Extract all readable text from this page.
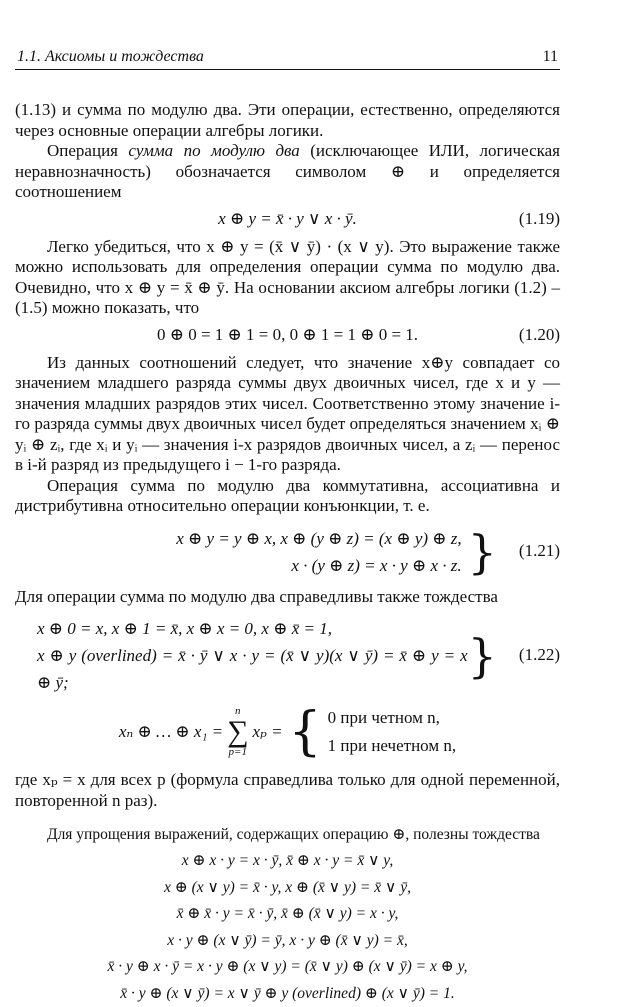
1.1. Аксиомы и тождества	11

(1.13) и сумма по модулю два. Эти операции, естественно, определяются через основные операции алгебры логики.

Операция сумма по модулю два (исключающее ИЛИ, логическая неравнозначность) обозначается символом ⊕ и определяется соотношением

x ⊕ y = x̄ · y ∨ x · ȳ.	(1.19)

Легко убедиться, что x ⊕ y = (x̄ ∨ ȳ) · (x ∨ y). Это выражение также можно использовать для определения операции сумма по модулю два. Очевидно, что x ⊕ y = x̄ ⊕ ȳ. На основании аксиом алгебры логики (1.2) – (1.5) можно показать, что

0 ⊕ 0 = 1 ⊕ 1 = 0, 0 ⊕ 1 = 1 ⊕ 0 = 1.	(1.20)

Из данных соотношений следует, что значение x⊕y совпадает со значением младшего разряда суммы двух двоичных чисел, где x и y — значения младших разрядов этих чисел. Соответственно этому значение i-го разряда суммы двух двоичных чисел будет определяться значением xᵢ ⊕ yᵢ ⊕ zᵢ, где xᵢ и yᵢ — значения i-х разрядов двоичных чисел, а zᵢ — перенос в i-й разряд из предыдущего i − 1-го разряда.

Операция сумма по модулю два коммутативна, ассоциативна и дистрибутивна относительно операции конъюнкции, т. е.

x ⊕ y = y ⊕ x, x ⊕ (y ⊕ z) = (x ⊕ y) ⊕ z,
x · (y ⊕ z) = x · y ⊕ x · z. } (1.21)

Для операции сумма по модулю два справедливы также тождества

x ⊕ 0 = x, x ⊕ 1 = x̄, x ⊕ x = 0, x ⊕ x̄ = 1,
x ⊕ y (overlined) = x̄ · ȳ ∨ x · y = (x̄ ∨ y)(x ∨ ȳ) = x̄ ⊕ y = x ⊕ ȳ;	} (1.22)
xₙ ⊕ … ⊕ x₁ =
n
∑
p=1
xₚ = { 0 при четном n,
1 при нечетном n,

где xₚ = x для всех p (формула справедлива только для одной переменной, повторенной n раз).

Для упрощения выражений, содержащих операцию ⊕, полезны тождества

x ⊕ x · y = x · ȳ, x̄ ⊕ x · y = x̄ ∨ y,
x ⊕ (x ∨ y) = x̄ · y, x ⊕ (x̄ ∨ y) = x̄ ∨ ȳ,
x̄ ⊕ x̄ · y = x̄ · ȳ, x̄ ⊕ (x̄ ∨ y) = x · y,
x · y ⊕ (x ∨ ȳ) = ȳ, x · y ⊕ (x̄ ∨ y) = x̄,
x̄ · y ⊕ x · ȳ = x · y ⊕ (x ∨ y) = (x̄ ∨ y) ⊕ (x ∨ ȳ) = x ⊕ y,
x̄ · y ⊕ (x ∨ ȳ) = x ∨ ȳ ⊕ y (overlined) ⊕ (x ∨ ȳ) = 1.
